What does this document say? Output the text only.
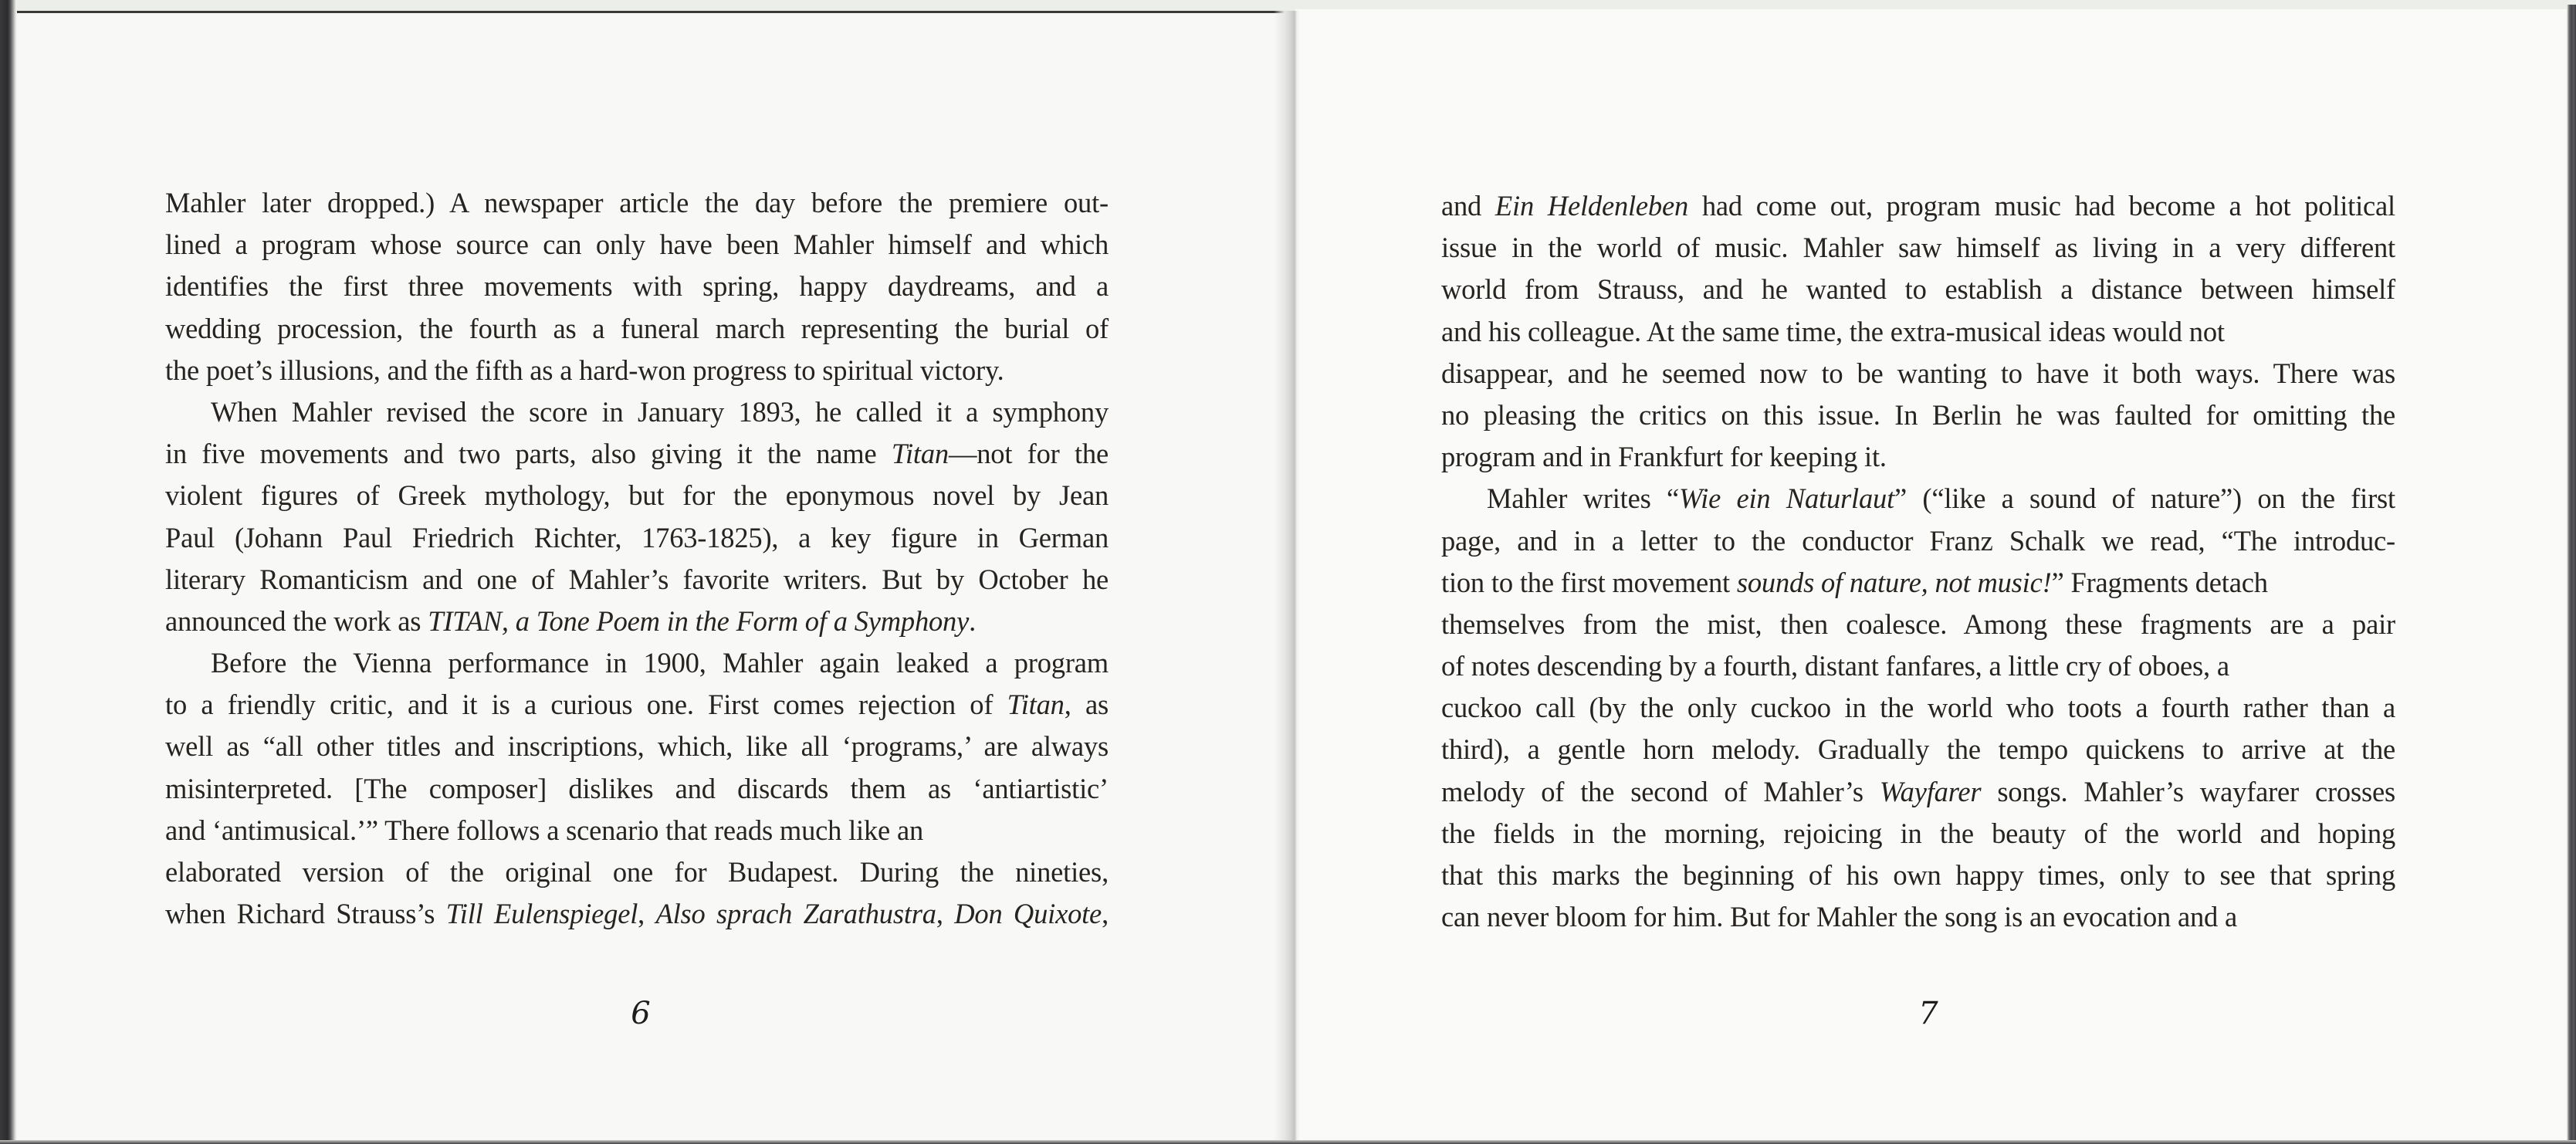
Mahler later dropped.) A newspaper article the day before the premiere out-
lined a program whose source can only have been Mahler himself and which
identifies the first three movements with spring, happy daydreams, and a
wedding procession, the fourth as a funeral march representing the burial of
the poet’s illusions, and the fifth as a hard-won progress to spiritual victory.
When Mahler revised the score in January 1893, he called it a symphony
in five movements and two parts, also giving it the name Titan—not for the
violent figures of Greek mythology, but for the eponymous novel by Jean
Paul (Johann Paul Friedrich Richter, 1763-1825), a key figure in German
literary Romanticism and one of Mahler’s favorite writers. But by October he
announced the work as TITAN, a Tone Poem in the Form of a Symphony.
Before the Vienna performance in 1900, Mahler again leaked a program
to a friendly critic, and it is a curious one. First comes rejection of Titan, as
well as “all other titles and inscriptions, which, like all ‘programs,’ are always
misinterpreted. [The composer] dislikes and discards them as ‘antiartistic’
and ‘antimusical.’” There follows a scenario that reads much like an
elaborated version of the original one for Budapest. During the nineties,
when Richard Strauss’s Till Eulenspiegel, Also sprach Zarathustra, Don Quixote,
and Ein Heldenleben had come out, program music had become a hot political
issue in the world of music. Mahler saw himself as living in a very different
world from Strauss, and he wanted to establish a distance between himself
and his colleague. At the same time, the extra-musical ideas would not
disappear, and he seemed now to be wanting to have it both ways. There was
no pleasing the critics on this issue. In Berlin he was faulted for omitting the
program and in Frankfurt for keeping it.
Mahler writes “Wie ein Naturlaut” (“like a sound of nature”) on the first
page, and in a letter to the conductor Franz Schalk we read, “The introduc-
tion to the first movement sounds of nature, not music!” Fragments detach
themselves from the mist, then coalesce. Among these fragments are a pair
of notes descending by a fourth, distant fanfares, a little cry of oboes, a
cuckoo call (by the only cuckoo in the world who toots a fourth rather than a
third), a gentle horn melody. Gradually the tempo quickens to arrive at the
melody of the second of Mahler’s Wayfarer songs. Mahler’s wayfarer crosses
the fields in the morning, rejoicing in the beauty of the world and hoping
that this marks the beginning of his own happy times, only to see that spring
can never bloom for him. But for Mahler the song is an evocation and a
6	7
